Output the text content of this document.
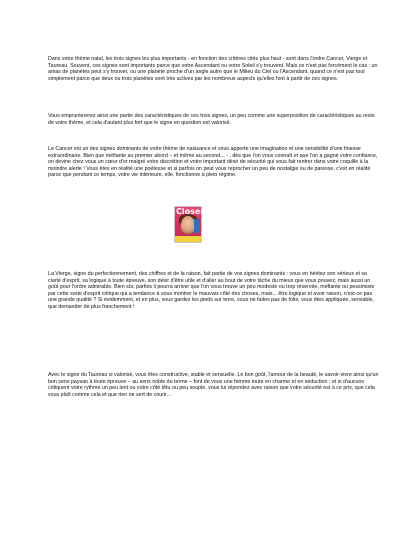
Dans votre thème natal, les trois signes les plus importants - en fonction des critères cités plus haut - sont dans l'ordre Cancer, Vierge et Taureau. Souvent, ces signes sont importants parce que votre Ascendant ou votre Soleil s'y trouvent. Mais ce n'est pas forcément le cas : un amas de planètes peut s'y trouver, ou une planète proche d'un angle autre que le Milieu du Ciel ou l'Ascendant, quand ce n'est pas tout simplement parce que deux ou trois planètes sont très actives par les nombreux aspects qu'elles font à partir de ces signes.

Vous empruntererez ainsi une partie des caractéristiques de ces trois signes, un peu comme une superposition de caractéristiques au reste de votre thème, et cela d'autant plus fort que le signe en question est valorisé.

Le Cancer est un des signes dominants de votre thème de naissance et vous apporte une imagination et une sensibilité d'une finesse extraordinaire. Bien que méfiante au premier abord – et même au second... - , dès que l'on vous connaît et que l'on a gagné votre confiance, on devine chez vous un cœur d'or malgré votre discrétion et votre important désir de sécurité qui vous fait rentrer dans votre coquille à la moindre alerte ! Vous êtes en réalité une poétesse et si parfois on peut vous reprocher un peu de nostalgie ou de paresse, c'est en réalité parce que pendant ce temps, votre vie intérieure, elle, fonctionne à plein régime.

Closer

La Vierge, signe du perfectionnement, des chiffres et de la raison, fait partie de vos signes dominants : vous en héritez son sérieux et sa clarté d'esprit, sa logique à toute épreuve, son désir d'être utile et d'aller au bout de votre tâche du mieux que vous pouvez, mais aussi un goût pour l'ordre admirable. Bien sûr, parfois il pourra arriver que l'on vous trouve un peu modeste ou trop réservée, méfiante ou pessimiste par cette sorte d'esprit critique qui a tendance à vous montrer le mauvais côté des choses, mais... être logique et avoir raison, n'est-ce pas une grande qualité ? Si évidemment, et en plus, vous gardez les pieds sur terre, vous ne faites pas de folie, vous êtes appliquée, serviable, que demander de plus franchement !

Avec le signe du Taureau si valorisé, vous êtes constructive, stable et sensuelle. Le bon goût, l'amour de la beauté, le savoir-vivre ainsi qu'un bon sens paysan à toute épreuve – au sens noble du terme – font de vous une femme toute en charme et en séduction ; et si d'aucuns critiquent votre rythme un peu lent ou votre côté têtu ou peu souple, vous lui répondez avec raison que votre sécurité est à ce prix, que cela vous plaît comme cela et que rien ne sert de courir...
